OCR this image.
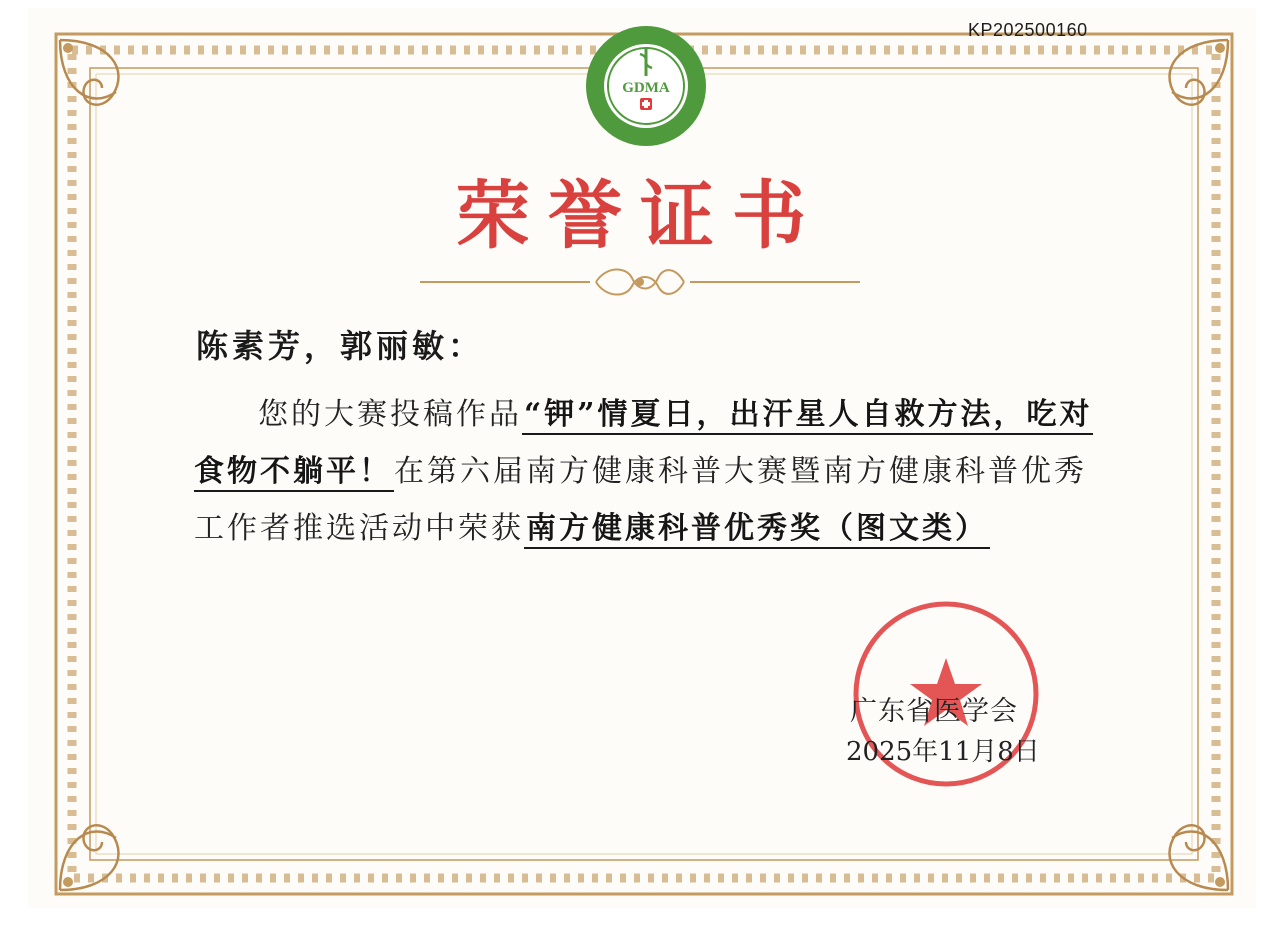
KP202500160
GDMA
荣誉证书
陈素芳，郭丽敏：
您的大赛投稿作品“钾”情夏日，出汗星人自救方法，吃对食物不躺平！在第六届南方健康科普大赛暨南方健康科普优秀工作者推选活动中荣获南方健康科普优秀奖（图文类）
广东省医学会
2025年11月8日
